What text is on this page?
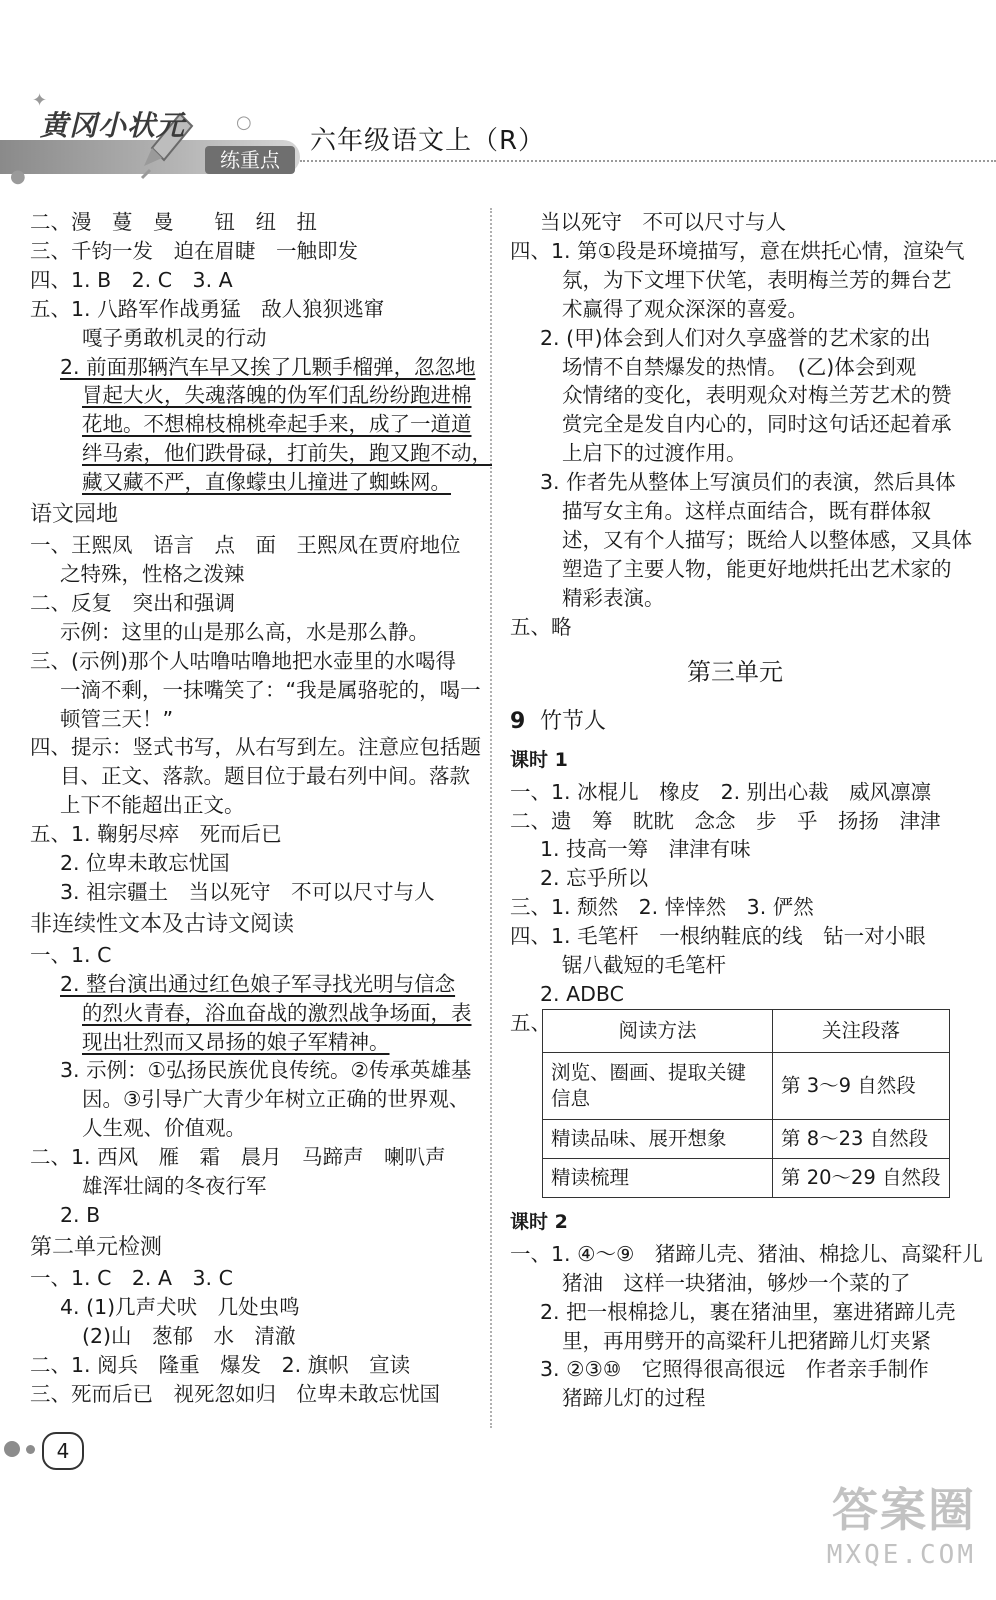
✦
○
●
黄冈小状元
练重点
六年级语文上（R）
二、漫　蔓　曼　　钮　纽　扭
三、千钧一发　迫在眉睫　一触即发
四、1. B　2. C　3. A
五、1. 八路军作战勇猛　敌人狼狈逃窜
嘎子勇敢机灵的行动
2. 前面那辆汽车早又挨了几颗手榴弹，忽忽地
冒起大火，失魂落魄的伪军们乱纷纷跑进棉
花地。不想棉枝棉桃牵起手来，成了一道道
绊马索，他们跌骨碌，打前失，跑又跑不动，
藏又藏不严，直像蠓虫儿撞进了蜘蛛网。
语文园地
一、王熙凤　语言　点　面　王熙凤在贾府地位
之特殊，性格之泼辣
二、反复　突出和强调
示例：这里的山是那么高，水是那么静。
三、(示例)那个人咕噜咕噜地把水壶里的水喝得
一滴不剩，一抹嘴笑了：“我是属骆驼的，喝一
顿管三天！”
四、提示：竖式书写，从右写到左。注意应包括题
目、正文、落款。题目位于最右列中间。落款
上下不能超出正文。
五、1. 鞠躬尽瘁　死而后已
2. 位卑未敢忘忧国
3. 祖宗疆土　当以死守　不可以尺寸与人
非连续性文本及古诗文阅读
一、1. C
2. 整台演出通过红色娘子军寻找光明与信念
的烈火青春，浴血奋战的激烈战争场面，表
现出壮烈而又昂扬的娘子军精神。
3. 示例：①弘扬民族优良传统。②传承英雄基
因。③引导广大青少年树立正确的世界观、
人生观、价值观。
二、1. 西风　雁　霜　晨月　马蹄声　喇叭声
雄浑壮阔的冬夜行军
2. B
第二单元检测
一、1. C　2. A　3. C
4. (1)几声犬吠　几处虫鸣
(2)山　葱郁　水　清澈
二、1. 阅兵　隆重　爆发　2. 旗帜　宣读
三、死而后已　视死忽如归　位卑未敢忘忧国
当以死守　不可以尺寸与人
四、1. 第①段是环境描写，意在烘托心情，渲染气
氛，为下文埋下伏笔，表明梅兰芳的舞台艺
术赢得了观众深深的喜爱。
2. (甲)体会到人们对久享盛誉的艺术家的出
场情不自禁爆发的热情。　(乙)体会到观
众情绪的变化，表明观众对梅兰芳艺术的赞
赏完全是发自内心的，同时这句话还起着承
上启下的过渡作用。
3. 作者先从整体上写演员们的表演，然后具体
描写女主角。这样点面结合，既有群体叙
述，又有个人描写；既给人以整体感，又具体
塑造了主要人物，能更好地烘托出艺术家的
精彩表演。
五、略
第三单元
9 竹节人
课时 1
一、1. 冰棍儿　橡皮　2. 别出心裁　威风凛凛
二、遗　筹　眈眈　念念　步　乎　扬扬　津津
1. 技高一筹　津津有味
2. 忘乎所以
三、1. 颓然　2. 悻悻然　3. 俨然
四、1. 毛笔杆　一根纳鞋底的线　钻一对小眼
锯八截短的毛笔杆
2. ADBC
五、	阅读方法	关注段落
浏览、圈画、提取关键信息	第 3～9 自然段
精读品味、展开想象	第 8～23 自然段
精读梳理	第 20～29 自然段
课时 2
一、1. ④～⑨　猪蹄儿壳、猪油、棉捻儿、高粱秆儿
猪油　这样一块猪油，够炒一个菜的了
2. 把一根棉捻儿，裹在猪油里，塞进猪蹄儿壳
里，再用劈开的高粱秆儿把猪蹄儿灯夹紧
3. ②③⑩　它照得很高很远　作者亲手制作
猪蹄儿灯的过程

4
答案圈
MXQE.COM
